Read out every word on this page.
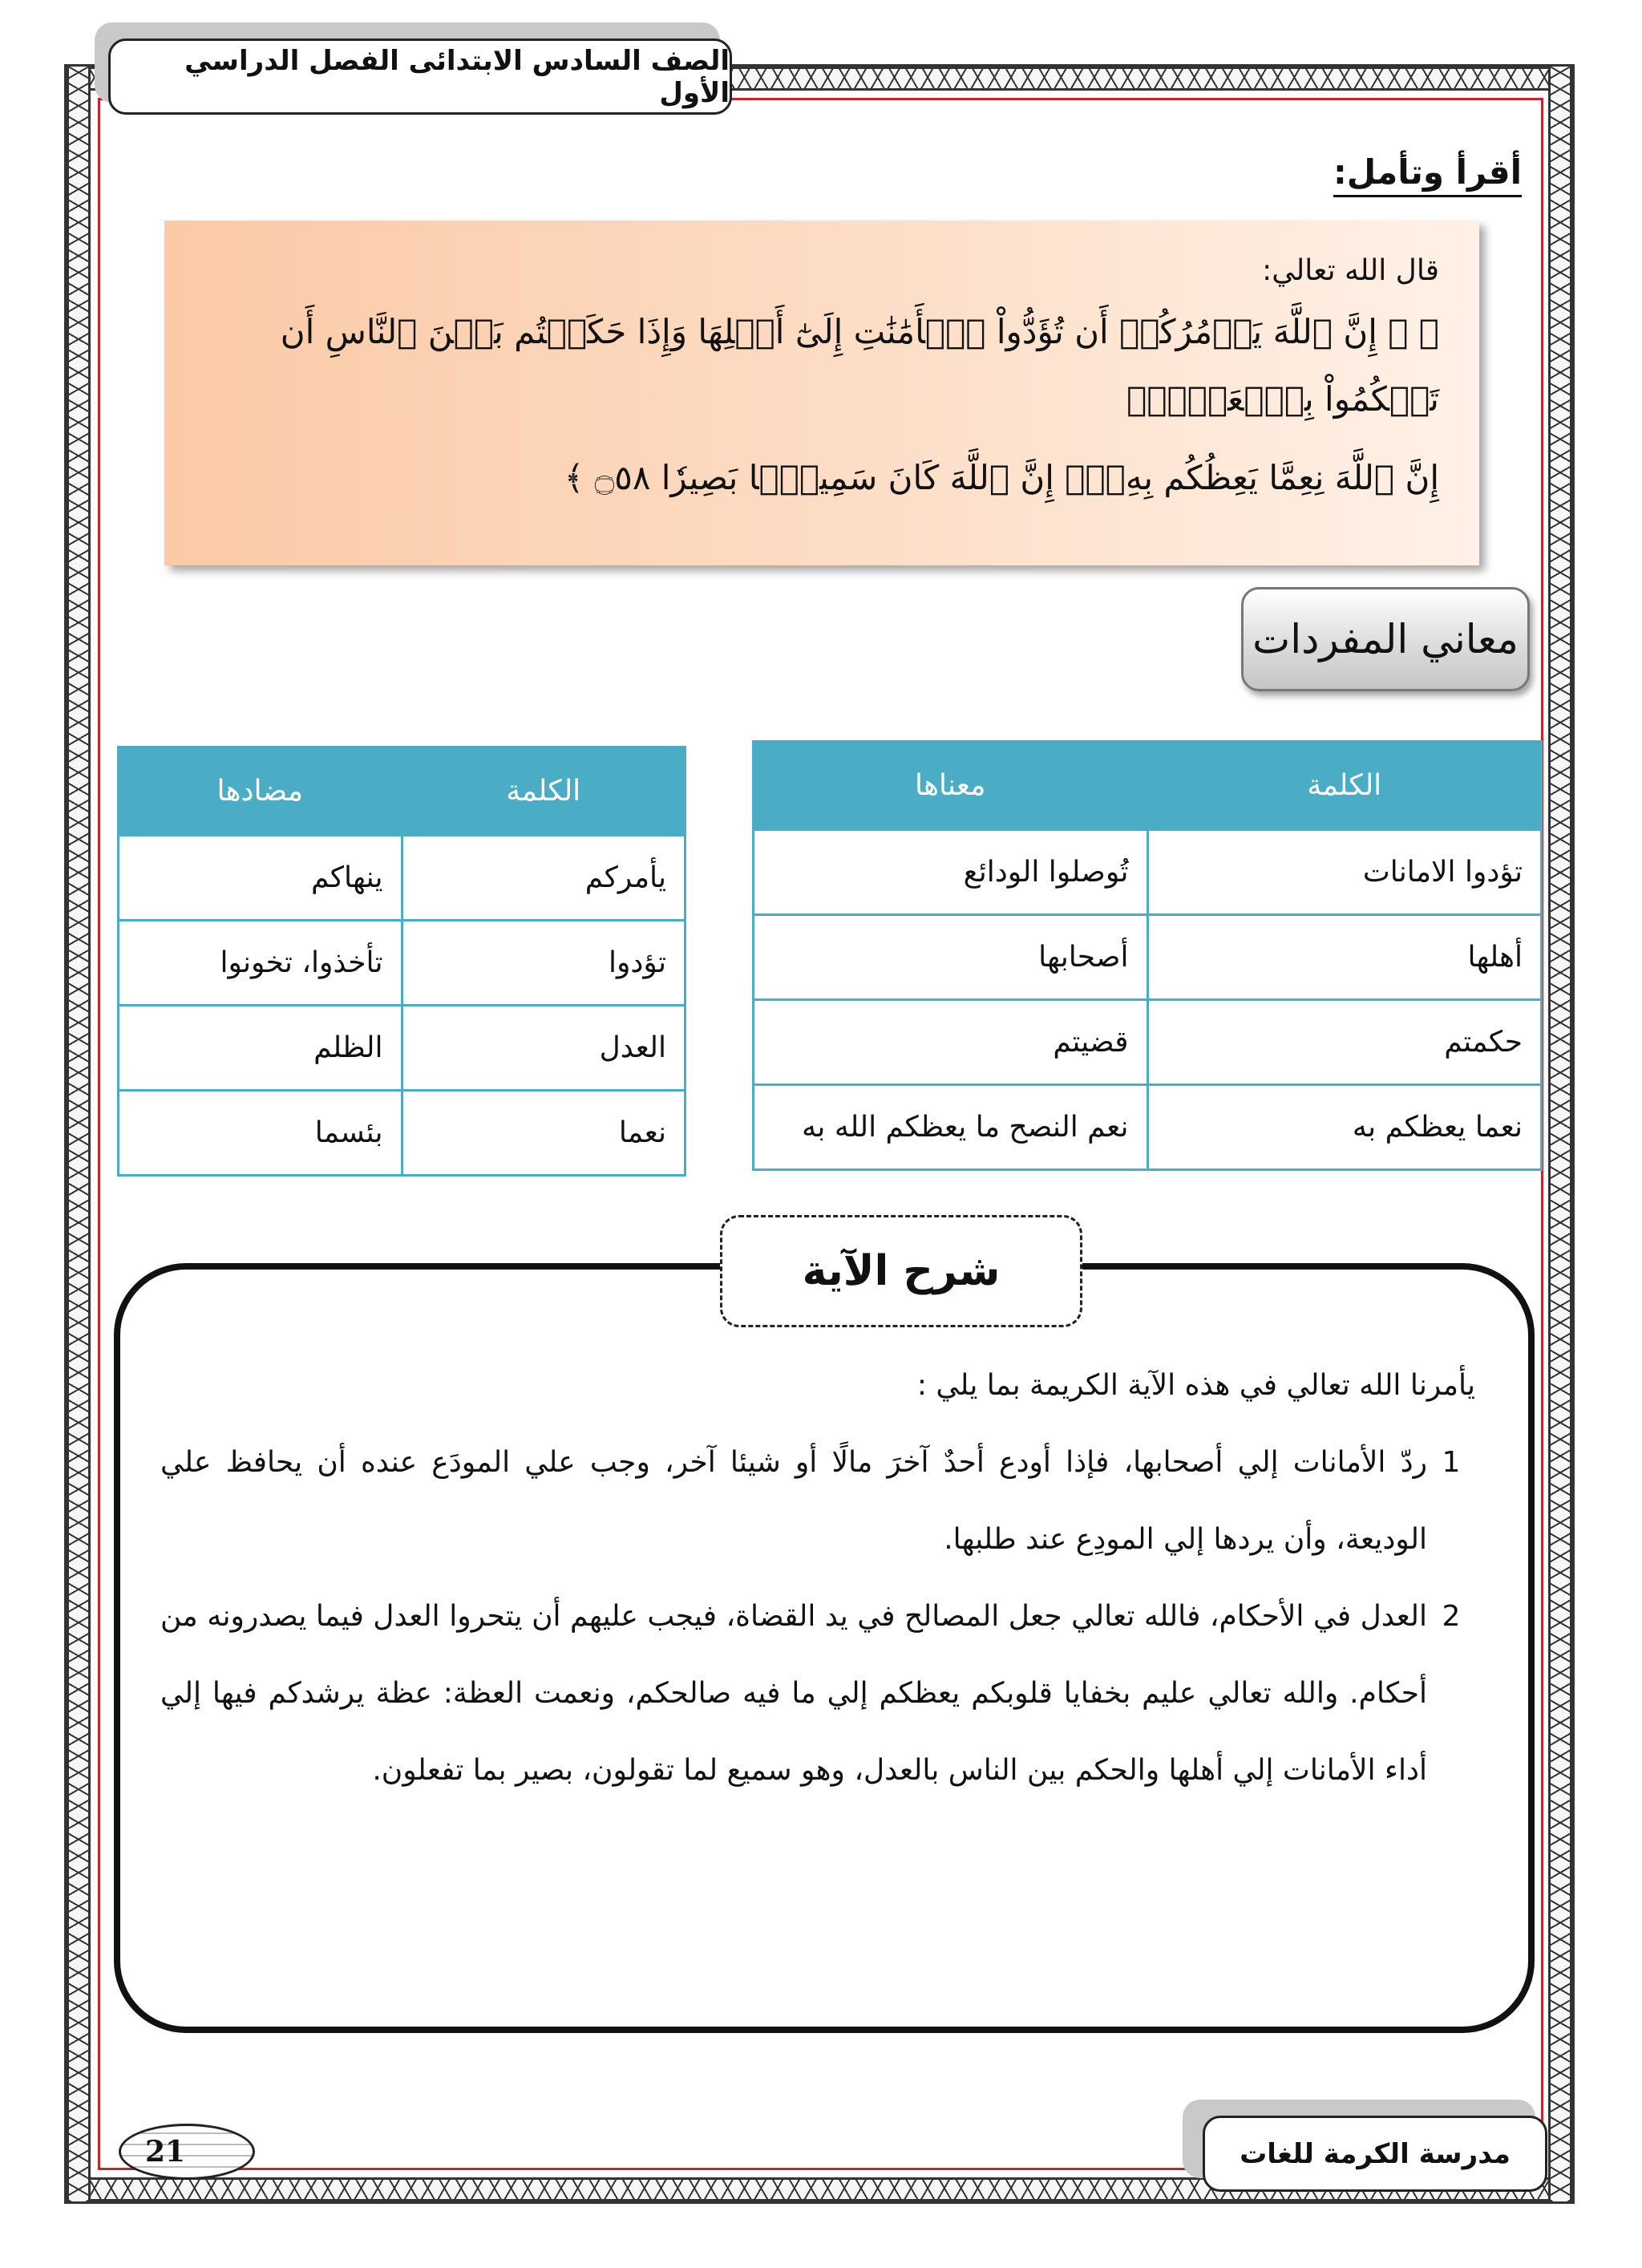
الصف السادس الابتدائى الفصل الدراسي الأول
أقرأ وتأمل:
قال الله تعالي:
﴿ ۞ إِنَّ ٱللَّهَ يَأۡمُرُكُمۡ أَن تُؤَدُّواْ ٱلۡأَمَٰنَٰتِ إِلَىٰٓ أَهۡلِهَا وَإِذَا حَكَمۡتُم بَيۡنَ ٱلنَّاسِ أَن تَحۡكُمُواْ بِٱلۡعَدۡلِۚ
إِنَّ ٱللَّهَ نِعِمَّا يَعِظُكُم بِهِۦٓۗ إِنَّ ٱللَّهَ كَانَ سَمِيعَۢا بَصِيرٗا ۝٥٨ ﴾
معاني المفردات
الكلمة	معناها
تؤدوا الامانات	تُوصلوا الودائع
أهلها	أصحابها
حكمتم	قضيتم
نعما يعظكم به	نعم النصح ما يعظكم الله به
الكلمة	مضادها
يأمركم	ينهاكم
تؤدوا	تأخذوا، تخونوا
العدل	الظلم
نعما	بئسما
شرح الآية

يأمرنا الله تعالي في هذه الآية الكريمة بما يلي :

1
ردّ الأمانات إلي أصحابها، فإذا أودع أحدٌ آخرَ مالًا أو شيئا آخر، وجب علي المودَع عنده أن يحافظ علي الوديعة، وأن يردها إلي المودِع عند طلبها.
2
العدل في الأحكام، فالله تعالي جعل المصالح في يد القضاة، فيجب عليهم أن يتحروا العدل فيما يصدرونه من أحكام. والله تعالي عليم بخفايا قلوبكم يعظكم إلي ما فيه صالحكم، ونعمت العظة: عظة يرشدكم فيها إلي أداء الأمانات إلي أهلها والحكم بين الناس بالعدل، وهو سميع لما تقولون، بصير بما تفعلون.
21	مدرسة الكرمة للغات
